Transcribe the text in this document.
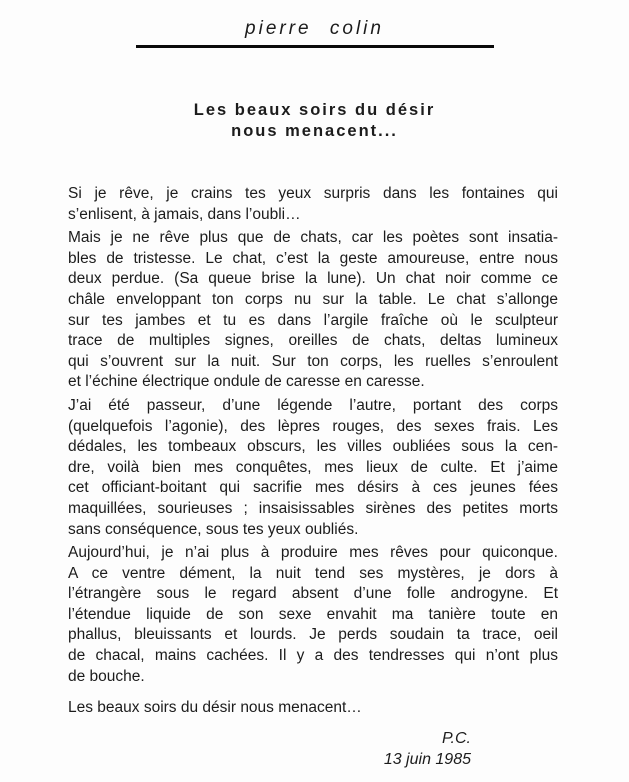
pierre colin
Les beaux soirs du désir
nous menacent...
Si je rêve, je crains tes yeux surpris dans les fontaines qui
s’enlisent, à jamais, dans l’oubli…
Mais je ne rêve plus que de chats, car les poètes sont insatia-
bles de tristesse. Le chat, c’est la geste amoureuse, entre nous
deux perdue. (Sa queue brise la lune). Un chat noir comme ce
châle enveloppant ton corps nu sur la table. Le chat s’allonge
sur tes jambes et tu es dans l’argile fraîche où le sculpteur
trace de multiples signes, oreilles de chats, deltas lumineux
qui s’ouvrent sur la nuit. Sur ton corps, les ruelles s’enroulent
et l’échine électrique ondule de caresse en caresse.
J’ai été passeur, d’une légende l’autre, portant des corps
(quelquefois l’agonie), des lèpres rouges, des sexes frais. Les
dédales, les tombeaux obscurs, les villes oubliées sous la cen-
dre, voilà bien mes conquêtes, mes lieux de culte. Et j’aime
cet officiant-boitant qui sacrifie mes désirs à ces jeunes fées
maquillées, sourieuses ; insaisissables sirènes des petites morts
sans conséquence, sous tes yeux oubliés.
Aujourd’hui, je n’ai plus à produire mes rêves pour quiconque.
A ce ventre dément, la nuit tend ses mystères, je dors à
l’étrangère sous le regard absent d’une folle androgyne. Et
l’étendue liquide de son sexe envahit ma tanière toute en
phallus, bleuissants et lourds. Je perds soudain ta trace, oeil
de chacal, mains cachées. Il y a des tendresses qui n’ont plus
de bouche.
Les beaux soirs du désir nous menacent…
P.C.
13 juin 1985
